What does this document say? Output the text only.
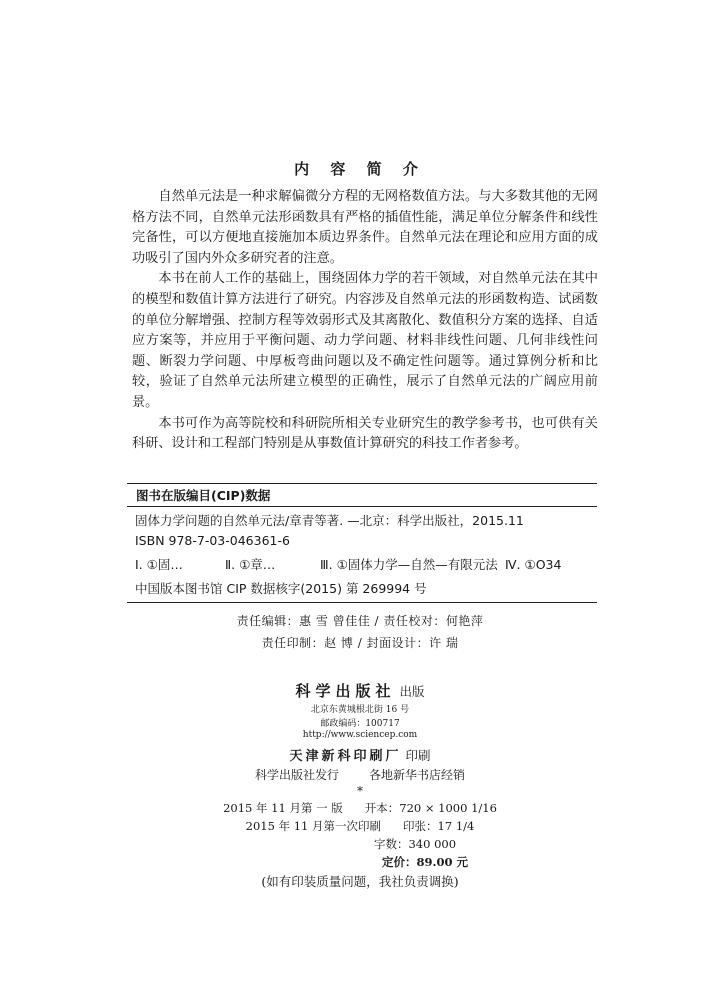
内 容 简 介

自然单元法是一种求解偏微分方程的无网格数值方法。与大多数其他的无网格方法不同，自然单元法形函数具有严格的插值性能，满足单位分解条件和线性完备性，可以方便地直接施加本质边界条件。自然单元法在理论和应用方面的成功吸引了国内外众多研究者的注意。

本书在前人工作的基础上，围绕固体力学的若干领域，对自然单元法在其中的模型和数值计算方法进行了研究。内容涉及自然单元法的形函数构造、试函数的单位分解增强、控制方程等效弱形式及其离散化、数值积分方案的选择、自适应方案等，并应用于平衡问题、动力学问题、材料非线性问题、几何非线性问题、断裂力学问题、中厚板弯曲问题以及不确定性问题等。通过算例分析和比较，验证了自然单元法所建立模型的正确性，展示了自然单元法的广阔应用前景。

本书可作为高等院校和科研院所相关专业研究生的教学参考书，也可供有关科研、设计和工程部门特别是从事数值计算研究的科技工作者参考。

图书在版编目(CIP)数据
固体力学问题的自然单元法/章青等著. —北京：科学出版社，2015.11
ISBN 978-7-03-046361-6
Ⅰ. ①固…	Ⅱ. ①章…	Ⅲ. ①固体力学—自然—有限元法 Ⅳ. ①O34
中国版本图书馆 CIP 数据核字(2015) 第 269994 号
责任编辑：惠 雪 曾佳佳 / 责任校对：何艳萍
责任印制：赵 博 / 封面设计：许 瑞
科学出版社 出版
北京东黄城根北街 16 号
邮政编码：100717
http://www.sciencep.com
天津新科印刷厂 印刷
科学出版社发行	各地新华书店经销
*
2015 年 11 月第 一 版 开本：720 × 1000 1/16
2015 年 11 月第一次印刷 印张：17 1/4
字数：340 000
定价：89.00 元
(如有印装质量问题，我社负责调换)
